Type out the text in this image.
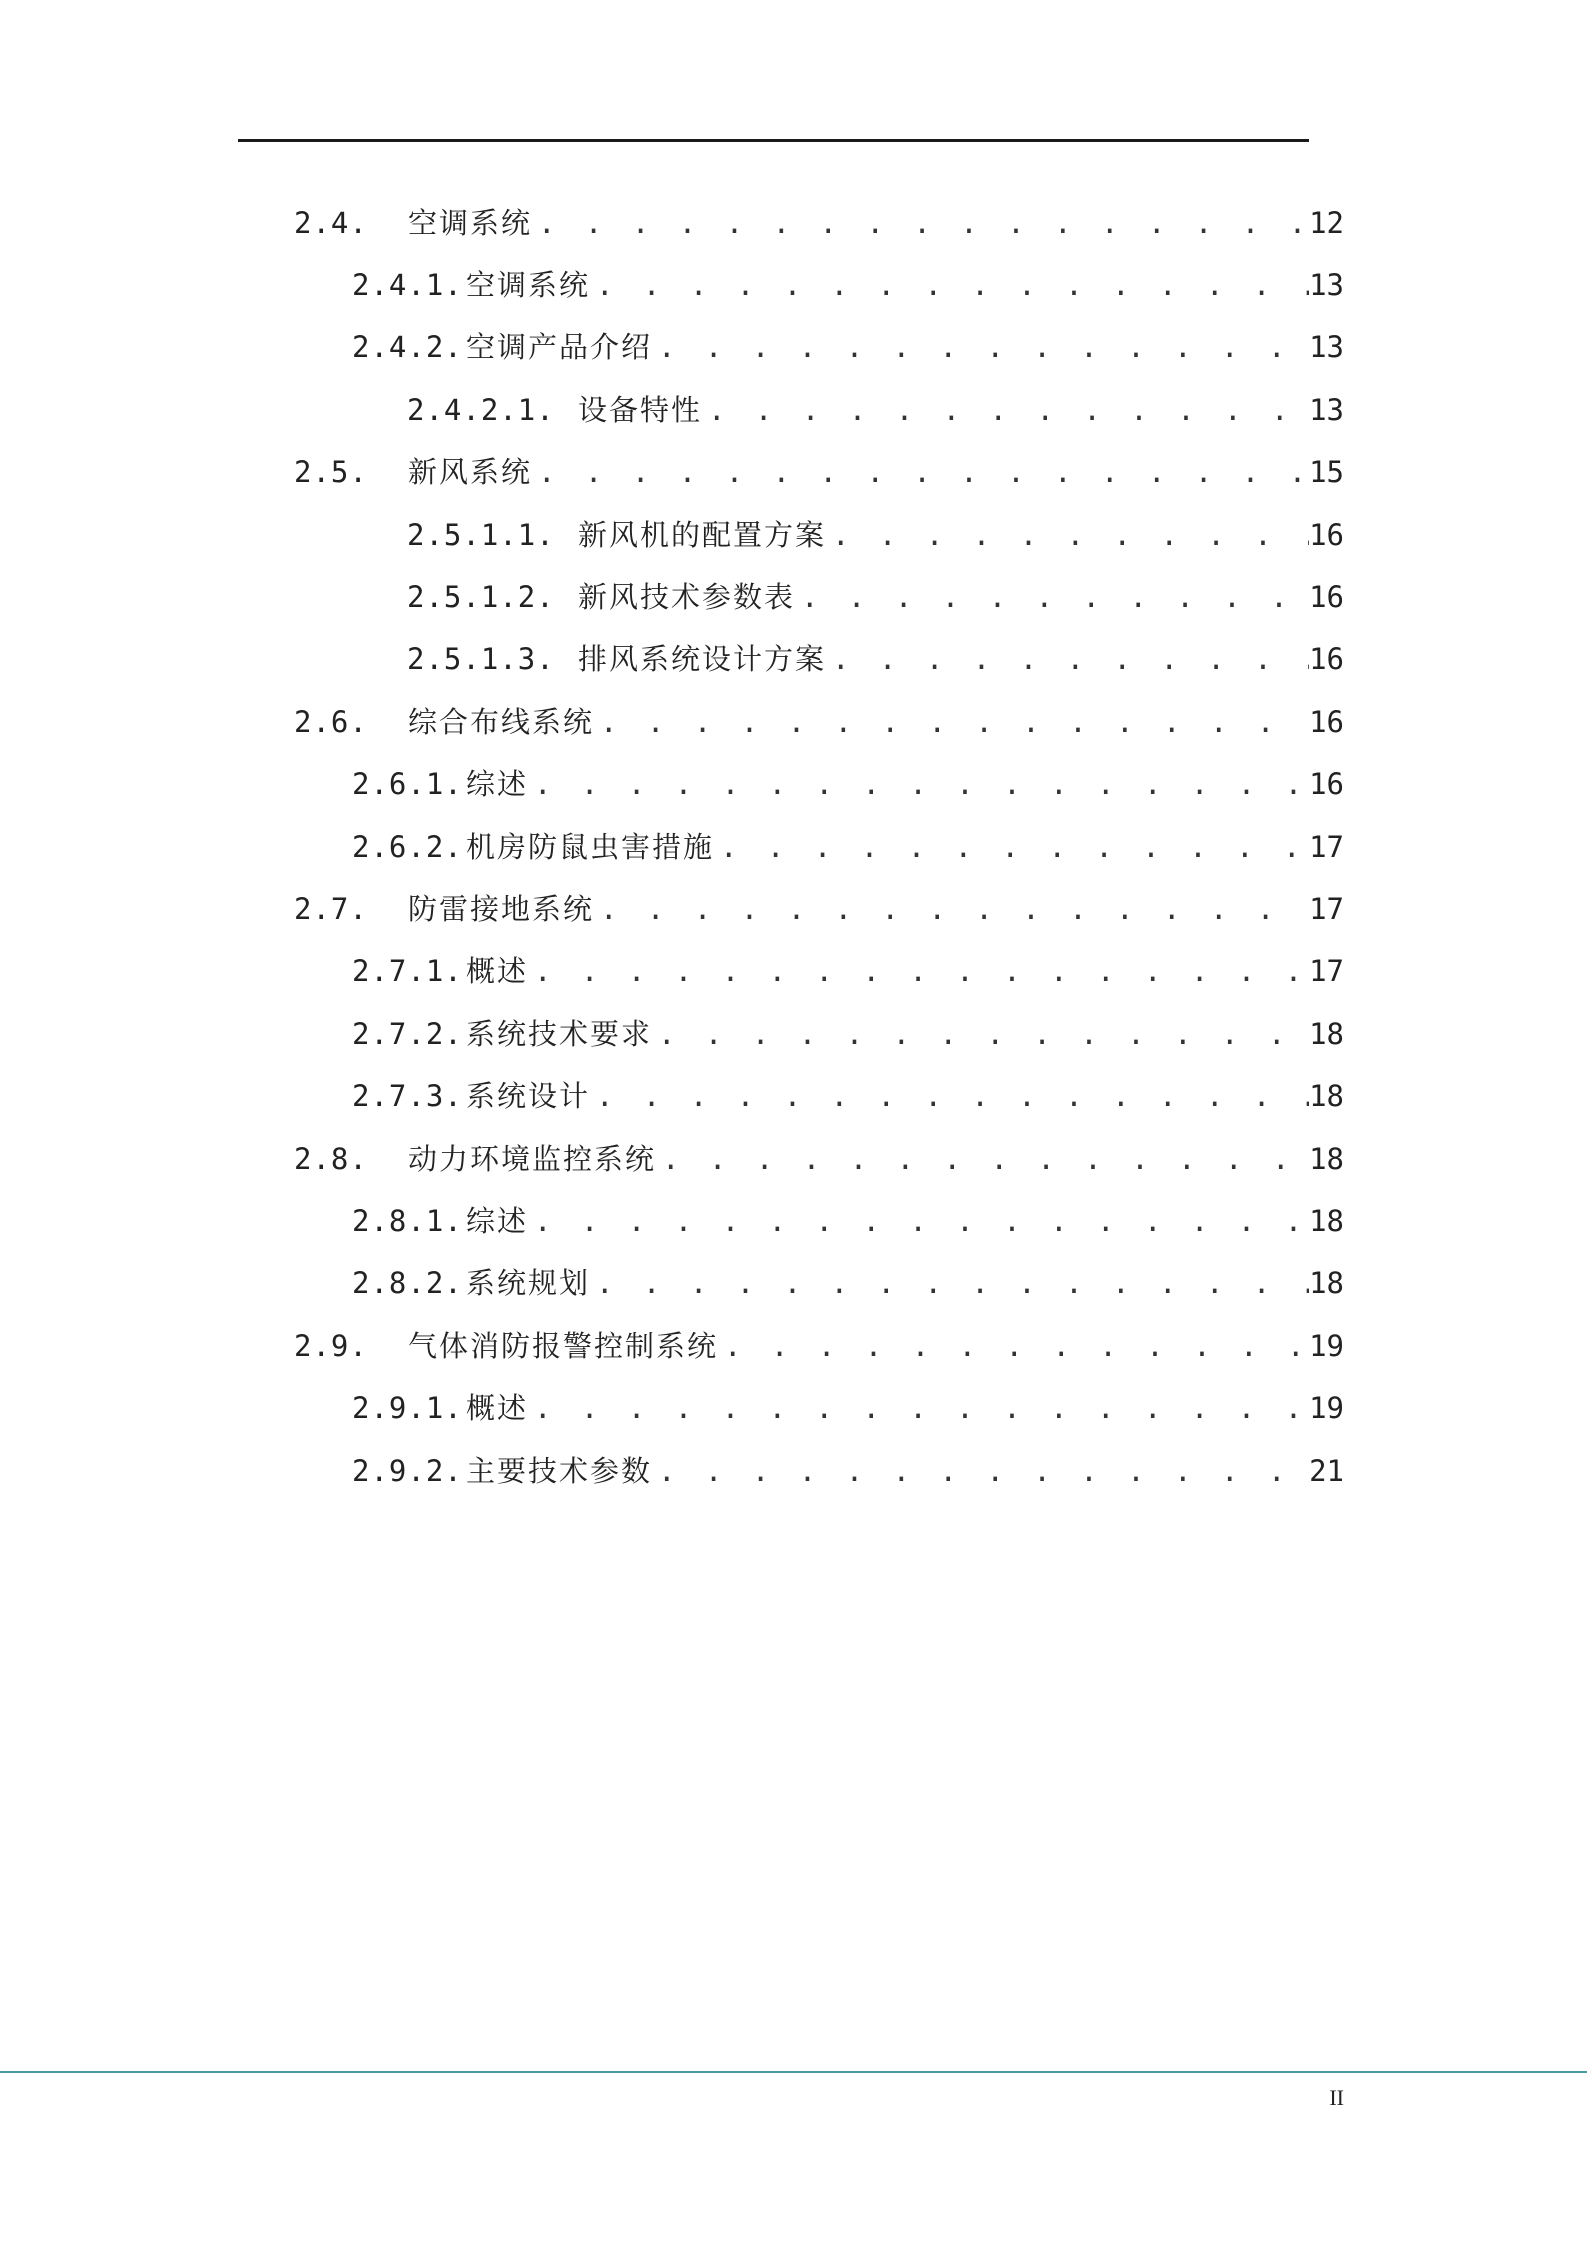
2.4.	空调系统 . . .	12
2.4.1. 空调系统 . . .	13
2.4.2. 空调产品介绍 . . .	13
2.4.2.1. 设备特性 . . .	13
2.5.	新风系统 . . .	15
2.5.1.1. 新风机的配置方案 . . .	16
2.5.1.2. 新风技术参数表 . . .	16
2.5.1.3. 排风系统设计方案 . . .	16
2.6.	综合布线系统 . . .	16
2.6.1. 综述 . . .	16
2.6.2. 机房防鼠虫害措施 . . .	17
2.7.	防雷接地系统 . . .	17
2.7.1. 概述 . . .	17
2.7.2. 系统技术要求 . . .	18
2.7.3. 系统设计 . . .	18
2.8.	动力环境监控系统 . . .	18
2.8.1. 综述 . . .	18
2.8.2. 系统规划 . . .	18
2.9.	气体消防报警控制系统 . . .	19
2.9.1. 概述 . . .	19
2.9.2. 主要技术参数 . . .	21
II
